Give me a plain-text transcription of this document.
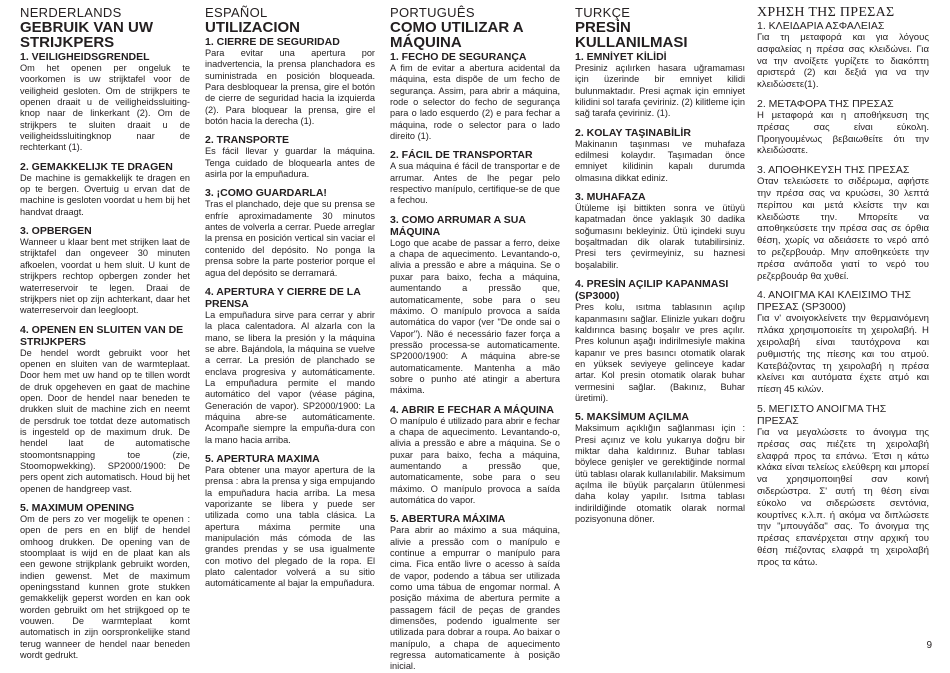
NERDERLANDS
GEBRUIK VAN UW STRIJKPERS
1. VEILIGHEIDSGRENDEL

Om het openen per ongeluk te voorkomen is uw strijktafel voor de veiligheid gesloten. Om de strijkpers te openen draait u de veiligheidssluiting-knop naar de linkerkant (2). Om de strijkpers te sluiten draait u de veiligheidssluitingknop naar de rechterkant (1).

2. GEMAKKELIJK TE DRAGEN

De machine is gemakkelijk te dragen en op te bergen. Overtuig u ervan dat de machine is gesloten voordat u hem bij het handvat draagt.

3. OPBERGEN

Wanneer u klaar bent met strijken laat de strijktafel dan ongeveer 30 minuten afkoelen, voordat u hem sluit. U kunt de strijkpers rechtop opbergen zonder het waterreservoir te legen. Draai de strijkpers niet op zijn achterkant, daar het waterreservoir dan leegloopt.

4. OPENEN EN SLUITEN VAN DE STRIJKPERS

De hendel wordt gebruikt voor het openen en sluiten van de warmteplaat. Door hem met uw hand op te tillen wordt de druk opgeheven en gaat de machine open. Door de hendel naar beneden te drukken sluit de machine zich en neemt de persdruk toe totdat deze automatisch is ingesteld op de maximum druk. De hendel laat de automatische stoomontsnapping toe (zie, Stoomopwekking). SP2000/1900: De pers opent zich automatisch. Houd bij het openen de handgreep vast.

5. MAXIMUM OPENING

Om de pers zo ver mogelijk te openen : open de pers en en blijf de hendel omhoog drukken. De opening van de stoomplaat is wijd en de plaat kan als een gewone strijkplank gebruikt worden, indien gewenst. Met de maximum openingsstand kunnen grote stukken gemakkelijk geperst worden en kan ook worden gebruikt om het strijkgoed op te vouwen. De warmteplaat komt automatisch in zijn oorspronkelijke stand terug wanneer de hendel naar beneden wordt gedrukt.

ESPAÑOL
UTILIZACION
1. CIERRE DE SEGURIDAD

Para evitar una apertura por inadvertencia, la prensa planchadora es suministrada en posición bloqueada. Para desbloquear la prensa, gire el botón de cierre de seguridad hacia la izquierda (2). Para bloquear la prensa, gire el botón hacia la derecha (1).

2. TRANSPORTE

Es fácil llevar y guardar la máquina. Tenga cuidado de bloquearla antes de asirla por la empuñadura.

3. ¡COMO GUARDARLA!

Tras el planchado, deje que su prensa se enfríe aproximadamente 30 minutos antes de volverla a cerrar. Puede arreglar la prensa en posición vertical sin vaciar el contenido del depósito. No ponga la prensa sobre la parte posterior porque el agua del depósito se derramará.

4. APERTURA Y CIERRE DE LA PRENSA

La empuñadura sirve para cerrar y abrir la placa calentadora. Al alzarla con la mano, se libera la presión y la máquina se abre. Bajándola, la máquina se vuelve a cerrar. La presión de planchado se enclava progresiva y automáticamente. La empuñadura permite el mando automático del vapor (véase página, Generación de vapor). SP2000/1900: La máquina abre-se automáticamente. Acompañe siempre la empuña-dura con la mano hacia arriba.

5. APERTURA MAXIMA

Para obtener una mayor apertura de la prensa : abra la prensa y siga empujando la empuñadura hacia arriba. La mesa vaporizante se libera y puede ser utilizada como una tabla clásica. La apertura máxima permite una manipulación más cómoda de las grandes prendas y se usa igualmente con motivo del plegado de la ropa. El plato calentador volverá a su sitio automáticamente al bajar la empuñadura.

PORTUGUÊS
COMO UTILIZAR A MÁQUINA
1. FECHO DE SEGURANÇA

A fim de evitar a abertura acidental da máquina, esta dispõe de um fecho de segurança. Assim, para abrir a máquina, rode o selector do fecho de segurança para o lado esquerdo (2) e para fechar a máquina, rode o selector para o lado direito (1).

2. FÁCIL DE TRANSPORTAR

A sua máquina é fácil de transportar e de arrumar. Antes de lhe pegar pelo respectivo manípulo, certifique-se de que a fechou.

3. COMO ARRUMAR A SUA MÁQUINA

Logo que acabe de passar a ferro, deixe a chapa de aquecimento. Levantando-o, alivia a pressão e abre a máquina. Se o puxar para baixo, fecha a máquina, aumentando a pressão que, automaticamente, sobe para o seu máximo. O manípulo provoca a saída automática do vapor (ver "De onde sai o Vapor"). Não é necessário fazer força a pressão processa-se automaticamente. SP2000/1900: A máquina abre-se automaticamente. Mantenha a mão sobre o punho até atingir a abertura máxima.

4. ABRIR E FECHAR A MÁQUINA

O manípulo é utilizado para abrir e fechar a chapa de aquecimento. Levantando-o, alivia a pressão e abre a máquina. Se o puxar para baixo, fecha a máquina, aumentando a pressão que, automaticamente, sobe para o seu máximo. O manípulo provoca a saída automática do vapor.

5. ABERTURA MÁXIMA

Para abrir ao máximo a sua máquina, alivie a pressão com o manípulo e continue a empurrar o manípulo para cima. Fica então livre o acesso à saída de vapor, podendo a tábua ser utilizada como uma tábua de engomar normal. A posição máxima de abertura permite a passagem fácil de peças de grandes dimensões, podendo igualmente ser utilizada para dobrar a roupa. Ao baixar o manípulo, a chapa de aquecimento regressa automaticamente à posição inicial.

TURKÇE
PRESİN KULLANILMASI
1. EMNİYET KİLİDİ

Presiniz açılırken hasara uğramaması için üzerinde bir emniyet kilidi bulunmaktadır. Presi açmak için emniyet kilidini sol tarafa çeviriniz. (2) kilitleme için sağ tarafa çeviriniz. (1).

2. KOLAY TAŞINABİLİR

Makinanın taşınması ve muhafaza edilmesi kolaydır. Taşımadan önce emniyet kilidinin kapalı durumda olmasına dikkat ediniz.

3. MUHAFAZA

Ütüleme işi bittikten sonra ve ütüyü kapatmadan önce yaklaşık 30 dadika soğumasını bekleyiniz. Ütü içindeki suyu boşaltmadan dik olarak tutabilirsiniz. Presi ters çevirmeyiniz, su haznesi boşalabilir.

4. PRESİN AÇILIP KAPANMASI (SP3000)

Pres kolu, ısıtma tablasının açılıp kapanmasını sağlar. Elinizle yukarı doğru kaldırınca basınç boşalır ve pres açılır. Pres kolunun aşağı indirilmesiyle makina kapanır ve pres basıncı otomatik olarak en yüksek seviyeye gelinceye kadar artar. Kol presin otomatik olarak buhar vermesini sağlar. (Bakınız, Buhar üretimi).

5. MAKSİMUM AÇILMA

Maksimum açıklığın sağlanması için : Presi açınız ve kolu yukarıya doğru bir miktar daha kaldırınız. Buhar tablası böylece genişler ve gerektiğinde normal ütü tablası olarak kullanılabilir. Maksimum açılma ile büyük parçaların ütülenmesi daha kolay yapılır. Isıtma tablası indirildiğinde otomatik olarak normal pozisyonuna döner.

ΧΡΗΣΗ ΤΗΣ ΠΡΕΣΑΣ
1. ΚΛΕΙΔΑΡΙΑ ΑΣΦΑΛΕΙΑΣ

Για τη μεταφορά και για λόγους ασφαλείας η πρέσα σας κλειδώνει. Για να την ανοίξετε γυρίζετε το διακόπτη αριστερά (2) και δεξιά για να την κλειδώσετε(1).

2. ΜΕΤΑΦΟΡΑ ΤΗΣ ΠΡΕΣΑΣ

Η μεταφορά και η αποθήκευση της πρέσας σας είναι εύκολη. Προηγουμένως βεβαιωθείτε ότι την κλειδώσατε.

3. ΑΠΟΘΗΚΕΥΣΗ ΤΗΣ ΠΡΕΣΑΣ

Οταν τελειώσετε το σιδέρωμα, αφήστε την πρέσα σας να κρυώσει, 30 λεπτά περίπου και μετά κλείστε την και κλειδώστε την. Μπορείτε να αποθηκεύσετε την πρέσα σας σε όρθια θέση, χωρίς να αδειάσετε το νερό από το ρεζερβουάρ. Μην αποθηκεύετε την πρέσα ανάποδα γιατί το νερό του ρεζερβουάρ θα χυθεί.

4. ΑΝΟΙΓΜΑ ΚΑΙ ΚΛΕΙΣΙΜΟ ΤΗΣ ΠΡΕΣΑΣ (SP3000)

Για ν' ανοιγοκλείνετε την θερμαινόμενη πλάκα χρησιμοποιείτε τη χειρολαβή. Η χειρολαβή είναι ταυτόχρονα και ρυθμιστής της πίεσης και του ατμού. Κατεβάζοντας τη χειρολαβή η πρέσα κλείνει και αυτόματα έχετε ατμό και πίεση 45 κιλών.

5. ΜΕΓΙΣΤΟ ΑΝΟΙΓΜΑ ΤΗΣ ΠΡΕΣΑΣ

Για να μεγαλώσετε το άνοιγμα της πρέσας σας πιέζετε τη χειρολαβή ελαφρά προς τα επάνω. Έτσι η κάτω κλάκα είναι τελείως ελεύθερη και μπορεί να χρησιμοποιηθεί σαν κοινή σιδερώστρα. Σ' αυτή τη θέση είναι εύκολο να σιδερώσετε σεντόνια, κουρτίνες κ.λ.π. ή ακόμα να διπλώσετε την "μπουγάδα" σας. Το άνοιγμα της πρέσας επανέρχεται στην αρχική του θέση πιέζοντας ελαφρά τη χειρολαβή προς τα κάτω.

9
